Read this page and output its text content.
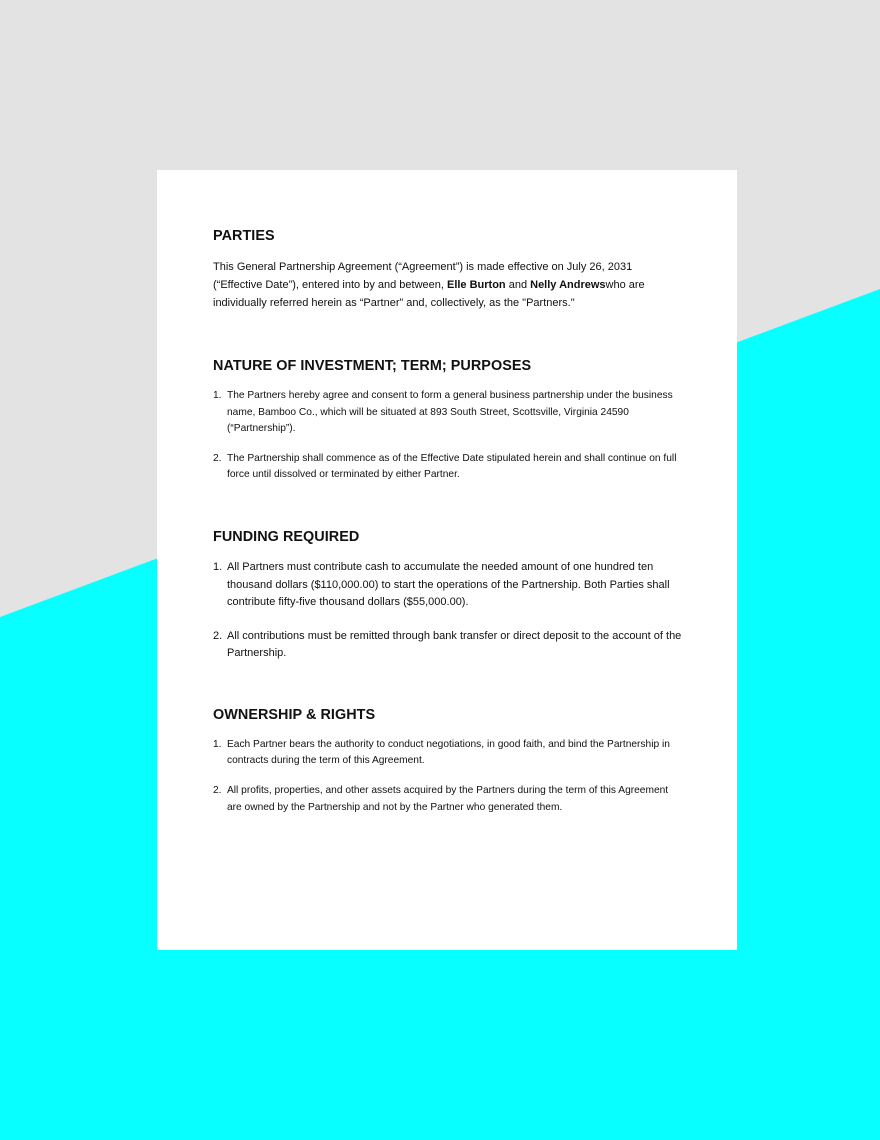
PARTIES

This General Partnership Agreement (“Agreement”) is made effective on July 26, 2031 (“Effective Date”), entered into by and between, Elle Burton and Nelly Andrewswho are individually referred herein as “Partner” and, collectively, as the "Partners."

NATURE OF INVESTMENT; TERM; PURPOSES
1. The Partners hereby agree and consent to form a general business partnership under the business name, Bamboo Co., which will be situated at 893 South Street, Scottsville, Virginia 24590 (“Partnership”).
2. The Partnership shall commence as of the Effective Date stipulated herein and shall continue on full force until dissolved or terminated by either Partner.
FUNDING REQUIRED
1. All Partners must contribute cash to accumulate the needed amount of one hundred ten thousand dollars ($110,000.00) to start the operations of the Partnership. Both Parties shall contribute fifty-five thousand dollars ($55,000.00).
2. All contributions must be remitted through bank transfer or direct deposit to the account of the Partnership.
OWNERSHIP & RIGHTS
1. Each Partner bears the authority to conduct negotiations, in good faith, and bind the Partnership in contracts during the term of this Agreement.
2. All profits, properties, and other assets acquired by the Partners during the term of this Agreement are owned by the Partnership and not by the Partner who generated them.
